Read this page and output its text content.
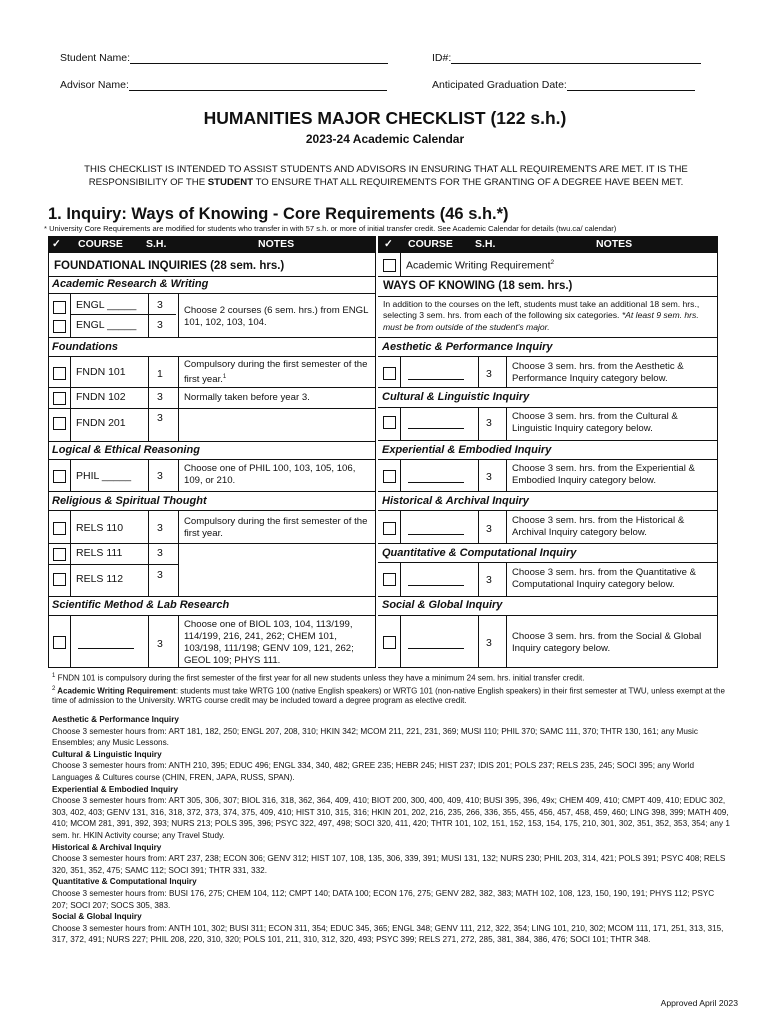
Student Name:	ID#:
Advisor Name:	Anticipated Graduation Date:
HUMANITIES MAJOR CHECKLIST (122 s.h.)
2023-24 Academic Calendar
THIS CHECKLIST IS INTENDED TO ASSIST STUDENTS AND ADVISORS IN ENSURING THAT ALL REQUIREMENTS ARE MET. IT IS THE RESPONSIBILITY OF THE STUDENT TO ENSURE THAT ALL REQUIREMENTS FOR THE GRANTING OF A DEGREE HAVE BEEN MET.
1. Inquiry: Ways of Knowing - Core Requirements (46 s.h.*)
* University Core Requirements are modified for students who transfer in with 57 s.h. or more of initial transfer credit. See Academic Calendar for details (twu.ca/ calendar)
✓ COURSE S.H.	NOTES	✓ COURSE S.H.	NOTES
FOUNDATIONAL INQUIRIES (28 sem. hrs.)
Academic Research & Writing
ENGL _____ 3
ENGL _____ 3
Choose 2 courses (6 sem. hrs.) from ENGL 101, 102, 103, 104.
Foundations
FNDN 101	1
Compulsory during the first semester of the first year.$^1$
FNDN 102	3 Normally taken before year 3.
FNDN 201	3
Logical & Ethical Reasoning
PHIL _____ 3
Choose one of PHIL 100, 103, 105, 106, 109, or 210.
Religious & Spiritual Thought
RELS 110	3
Compulsory during the first semester of the first year.
RELS 111	3
RELS 112	3
Scientific Method & Lab Research
3
Choose one of BIOL 103, 104, 113/199, 114/199, 216, 241, 262; CHEM 101, 103/198, 111/198; GENV 109, 121, 262; GEOL 109; PHYS 111.
Academic Writing Requirement$^2$
WAYS OF KNOWING (18 sem. hrs.)
In addition to the courses on the left, students must take an additional 18 sem. hrs., selecting 3 sem. hrs. from each of the following six categories. *At least 9 sem. hrs. must be from outside of the student's major.
Aesthetic & Performance Inquiry
3
Choose 3 sem. hrs. from the Aesthetic & Performance Inquiry category below.
Cultural & Linguistic Inquiry
3
Choose 3 sem. hrs. from the Cultural & Linguistic Inquiry category below.
Experiential & Embodied Inquiry
3
Choose 3 sem. hrs. from the Experiential & Embodied Inquiry category below.
Historical & Archival Inquiry
3
Choose 3 sem. hrs. from the Historical & Archival Inquiry category below.
Quantitative & Computational Inquiry
3
Choose 3 sem. hrs. from the Quantitative & Computational Inquiry category below.
Social & Global Inquiry
3
Choose 3 sem. hrs. from the Social & Global Inquiry category below.
$^1$ FNDN 101 is compulsory during the first semester of the first year for all new students unless they have a minimum 24 sem. hrs. initial transfer credit.
$^2$ Academic Writing Requirement: students must take WRTG 100 (native English speakers) or WRTG 101 (non-native English speakers) in their first semester at TWU, unless exempt at the time of admission to the University. WRTG course credit may be included toward a degree program as elective credit.
Aesthetic & Performance Inquiry
Choose 3 semester hours from: ART 181, 182, 250; ENGL 207, 208, 310; HKIN 342; MCOM 211, 221, 231, 369; MUSI 110; PHIL 370; SAMC 111, 370; THTR 130, 161; any Music Ensembles; any Music Lessons.
Cultural & Linguistic Inquiry
Choose 3 semester hours from: ANTH 210, 395; EDUC 496; ENGL 334, 340, 482; GREE 235; HEBR 245; HIST 237; IDIS 201; POLS 237; RELS 235, 245; SOCI 395; any World Languages & Cultures course (CHIN, FREN, JAPA, RUSS, SPAN).
Experiential & Embodied Inquiry
Choose 3 semester hours from: ART 305, 306, 307; BIOL 316, 318, 362, 364, 409, 410; BIOT 200, 300, 400, 409, 410; BUSI 395, 396, 49x; CHEM 409, 410; CMPT 409, 410; EDUC 302, 303, 402, 403; GENV 131, 316, 318, 372, 373, 374, 375, 409, 410; HIST 310, 315, 316; HKIN 201, 202, 216, 235, 266, 336, 355, 455, 456, 457, 458, 459, 460; LING 398, 399; MATH 409, 410; MCOM 281, 391, 392, 393; NURS 213; POLS 395, 396; PSYC 322, 497, 498; SOCI 320, 411, 420; THTR 101, 102, 151, 152, 153, 154, 175, 210, 301, 302, 351, 352, 353, 354; any 1 sem. hr. HKIN Activity course; any Travel Study.
Historical & Archival Inquiry
Choose 3 semester hours from: ART 237, 238; ECON 306; GENV 312; HIST 107, 108, 135, 306, 339, 391; MUSI 131, 132; NURS 230; PHIL 203, 314, 421; POLS 391; PSYC 408; RELS 320, 351, 352, 475; SAMC 112; SOCI 391; THTR 331, 332.
Quantitative & Computational Inquiry
Choose 3 semester hours from: BUSI 176, 275; CHEM 104, 112; CMPT 140; DATA 100; ECON 176, 275; GENV 282, 382, 383; MATH 102, 108, 123, 150, 190, 191; PHYS 112; PSYC 207; SOCI 207; SOCS 305, 383.
Social & Global Inquiry
Choose 3 semester hours from: ANTH 101, 302; BUSI 311; ECON 311, 354; EDUC 345, 365; ENGL 348; GENV 111, 212, 322, 354; LING 101, 210, 302; MCOM 111, 171, 251, 313, 315, 317, 372, 491; NURS 227; PHIL 208, 220, 310, 320; POLS 101, 211, 310, 312, 320, 493; PSYC 399; RELS 271, 272, 285, 381, 384, 386, 476; SOCI 101; THTR 348.
Approved April 2023
